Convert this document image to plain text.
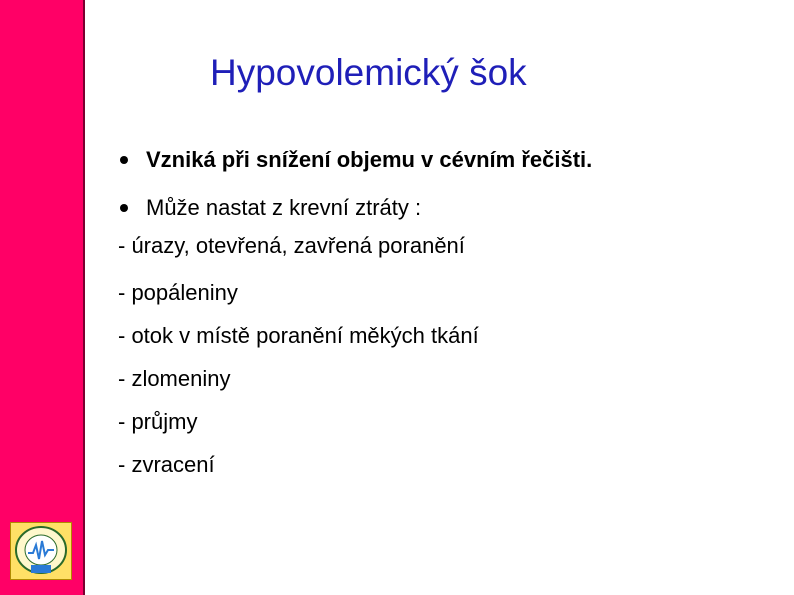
Hypovolemický šok
Vzniká při snížení objemu v cévním řečišti.
Může nastat z krevní ztráty :
- úrazy, otevřená, zavřená poranění
- popáleniny
- otok v místě poranění měkých tkání
- zlomeniny
- průjmy
- zvracení
